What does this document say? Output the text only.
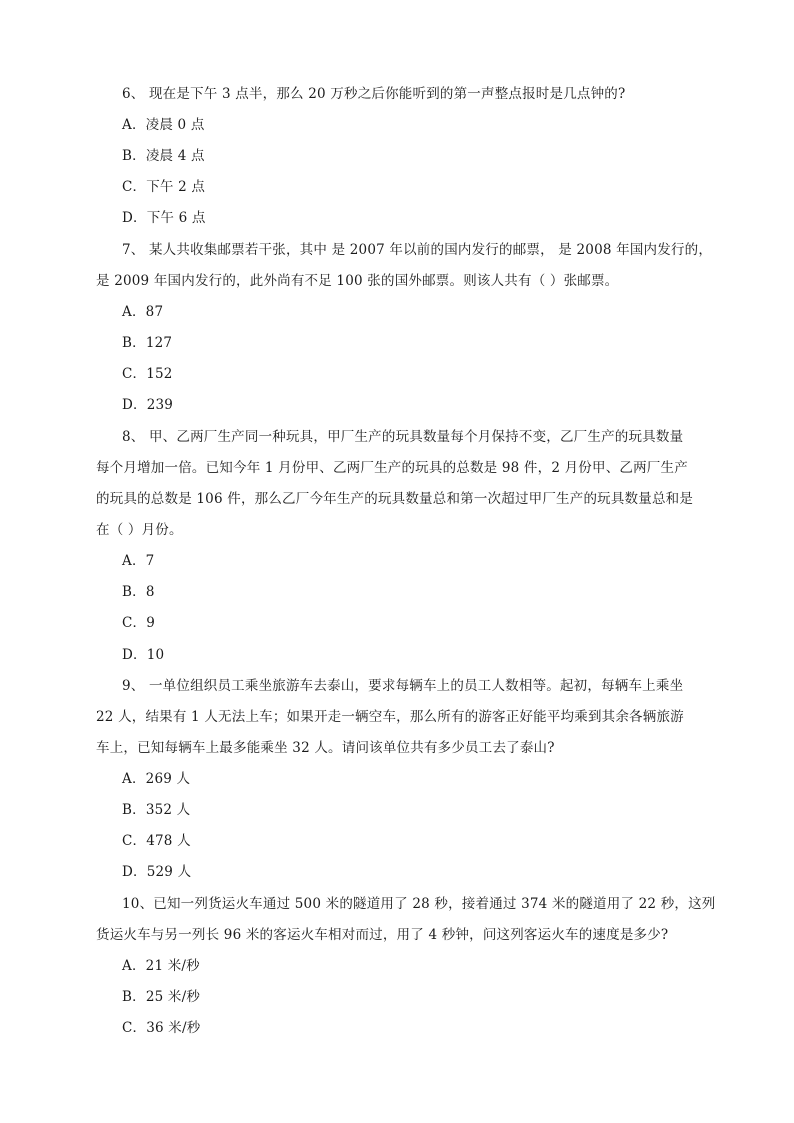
6、 现在是下午 3 点半，那么 20 万秒之后你能听到的第一声整点报时是几点钟的?
A．凌晨 0 点
B．凌晨 4 点
C．下午 2 点
D．下午 6 点
7、 某人共收集邮票若干张，其中 是 2007 年以前的国内发行的邮票， 是 2008 年国内发行的，
是 2009 年国内发行的，此外尚有不足 100 张的国外邮票。则该人共有（ ）张邮票。
A．87
B．127
C．152
D．239
8、 甲、乙两厂生产同一种玩具，甲厂生产的玩具数量每个月保持不变，乙厂生产的玩具数量
每个月增加一倍。已知今年 1 月份甲、乙两厂生产的玩具的总数是 98 件，2 月份甲、乙两厂生产
的玩具的总数是 106 件，那么乙厂今年生产的玩具数量总和第一次超过甲厂生产的玩具数量总和是
在（ ）月份。
A．7
B．8
C．9
D．10
9、 一单位组织员工乘坐旅游车去泰山，要求每辆车上的员工人数相等。起初，每辆车上乘坐
22 人，结果有 1 人无法上车；如果开走一辆空车，那么所有的游客正好能平均乘到其余各辆旅游
车上，已知每辆车上最多能乘坐 32 人。请问该单位共有多少员工去了泰山?
A．269 人
B．352 人
C．478 人
D．529 人
10、已知一列货运火车通过 500 米的隧道用了 28 秒，接着通过 374 米的隧道用了 22 秒，这列
货运火车与另一列长 96 米的客运火车相对而过，用了 4 秒钟，问这列客运火车的速度是多少?
A．21 米/秒
B．25 米/秒
C．36 米/秒
